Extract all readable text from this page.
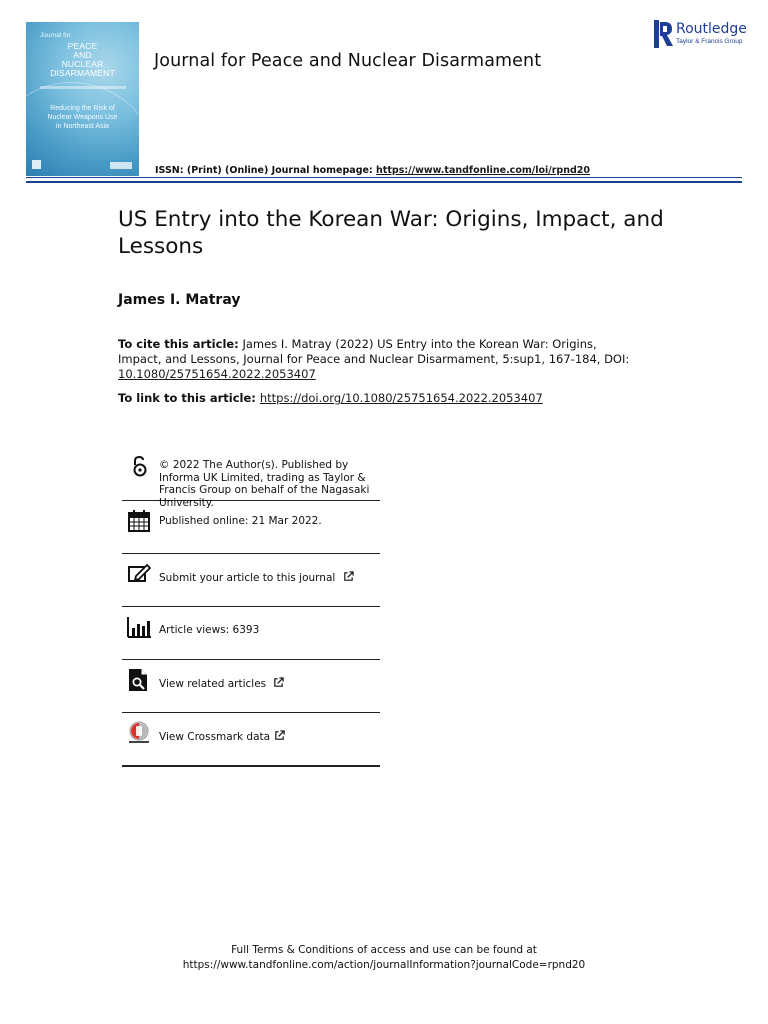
Journal for
PEACE
AND
NUCLEAR
DISARMAMENT
Reducing the Risk of
Nuclear Weapons Use
in Northeast Asia
Journal for Peace and Nuclear Disarmament
Routledge
Taylor & Francis Group
ISSN: (Print) (Online) Journal homepage: https://www.tandfonline.com/loi/rpnd20
US Entry into the Korean War: Origins, Impact, and Lessons
James I. Matray
To cite this article: James I. Matray (2022) US Entry into the Korean War: Origins, Impact, and Lessons, Journal for Peace and Nuclear Disarmament, 5:sup1, 167-184, DOI: 10.1080/25751654.2022.2053407
To link to this article: https://doi.org/10.1080/25751654.2022.2053407
© 2022 The Author(s). Published by Informa UK Limited, trading as Taylor & Francis Group on behalf of the Nagasaki University.
Published online: 21 Mar 2022.
Submit your article to this journal
Article views: 6393
View related articles
View Crossmark data
Full Terms & Conditions of access and use can be found at
https://www.tandfonline.com/action/journalInformation?journalCode=rpnd20
